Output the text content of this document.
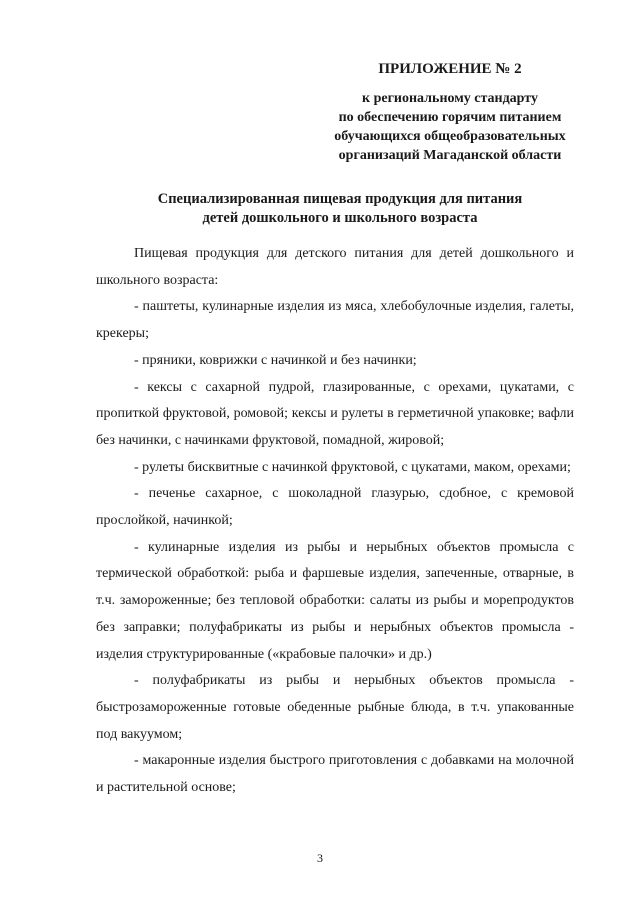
ПРИЛОЖЕНИЕ № 2
к региональному стандарту
по обеспечению горячим питанием
обучающихся общеобразовательных
организаций Магаданской области
Специализированная пищевая продукция для питания
детей дошкольного и школьного возраста

Пищевая продукция для детского питания для детей дошкольного и школьного возраста:

- паштеты, кулинарные изделия из мяса, хлебобулочные изделия, галеты, крекеры;

- пряники, коврижки с начинкой и без начинки;

- кексы с сахарной пудрой, глазированные, с орехами, цукатами, с пропиткой фруктовой, ромовой; кексы и рулеты в герметичной упаковке; вафли без начинки, с начинками фруктовой, помадной, жировой;

- рулеты бисквитные с начинкой фруктовой, с цукатами, маком, орехами;

- печенье сахарное, с шоколадной глазурью, сдобное, с кремовой прослойкой, начинкой;

- кулинарные изделия из рыбы и нерыбных объектов промысла с термической обработкой: рыба и фаршевые изделия, запеченные, отварные, в т.ч. замороженные; без тепловой обработки: салаты из рыбы и морепродуктов без заправки; полуфабрикаты из рыбы и нерыбных объектов промысла - изделия структурированные («крабовые палочки» и др.)

- полуфабрикаты из рыбы и нерыбных объектов промысла - быстрозамороженные готовые обеденные рыбные блюда, в т.ч. упакованные под вакуумом;

- макаронные изделия быстрого приготовления с добавками на молочной и растительной основе;

3
